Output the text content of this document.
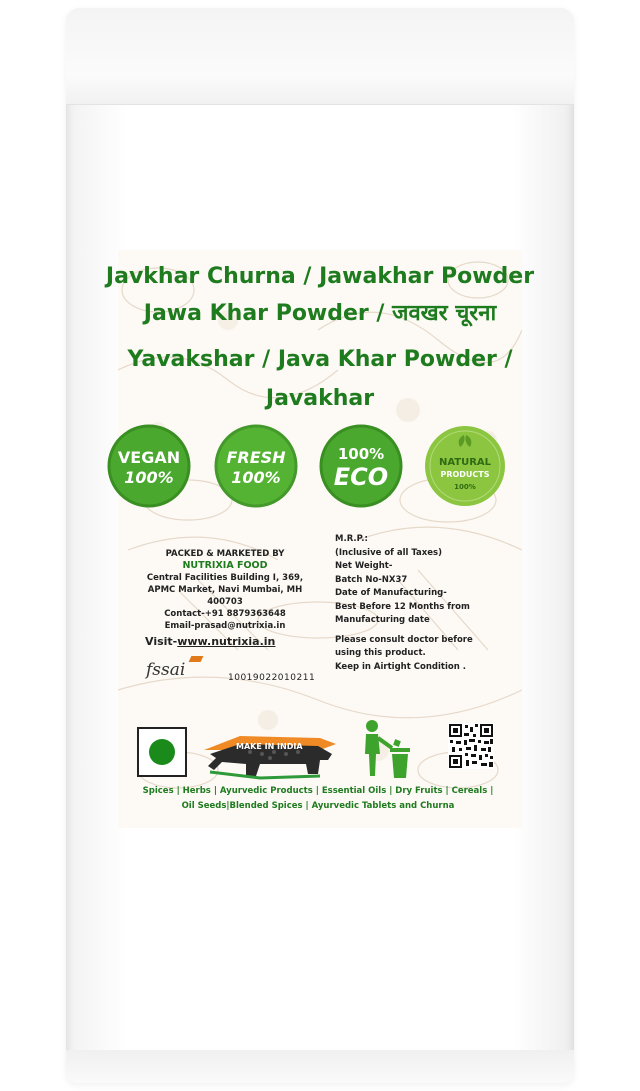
Javkhar Churna / Jawakhar Powder
Jawa Khar Powder / जवखर चूरना
Yavakshar / Java Khar Powder /
Javakhar
VEGAN
100%
FRESH
100%
100%
ECO
NATURAL
PRODUCTS
100%
PACKED & MARKETED BY
NUTRIXIA FOOD
Central Facilities Building I, 369,
APMC Market, Navi Mumbai, MH
400703
Contact-+91 8879363648
Email-prasad@nutrixia.in
Visit-www.nutrixia.in
M.R.P.:
(Inclusive of all Taxes)
Net Weight-
Batch No-NX37
Date of Manufacturing-
Best Before 12 Months from
Manufacturing date
Please consult doctor before
using this product.
Keep in Airtight Condition .
fssai	10019022010211
MAKE IN INDIA
Spices | Herbs | Ayurvedic Products | Essential Oils | Dry Fruits | Cereals |
Oil Seeds|Blended Spices | Ayurvedic Tablets and Churna
